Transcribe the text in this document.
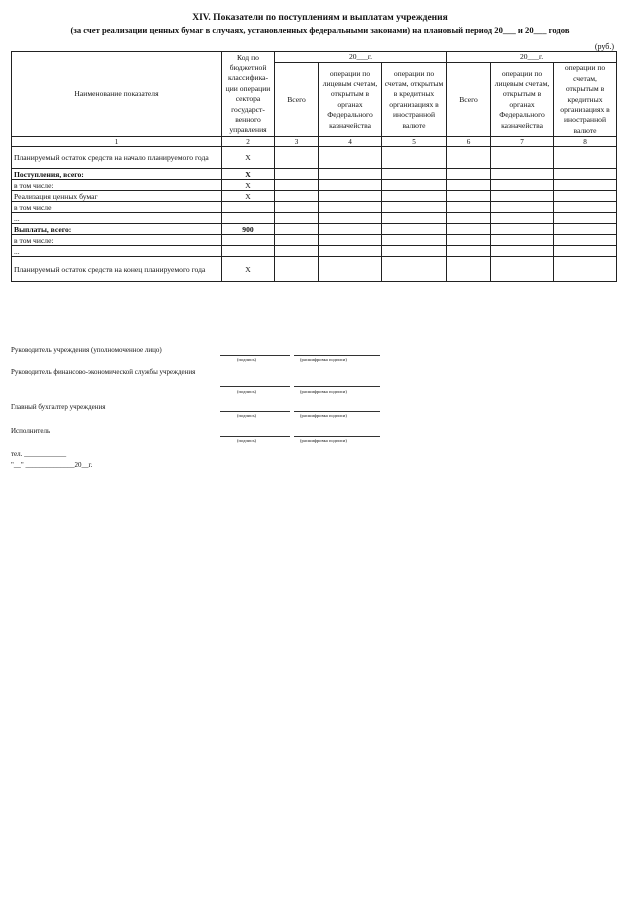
XIV. Показатели по поступлениям и выплатам учреждения
(за счет реализации ценных бумаг в случаях, установленных федеральными законами) на плановый период 20___ и 20___ годов
(руб.)
Наименование показателя	Код по бюджетной классифика-ции операции сектора государст-венного управления	20___г.			20___г.		
		Всего	операции по лицевым счетам, открытым в органах Федерального казначейства	операции по счетам, открытым в кредитных организациях в иностранной валюте	Всего	операции по лицевым счетам, открытым в органах Федерального казначейства	операции по счетам, открытым в кредитных организациях в иностранной валюте
1	2	3	4	5	6	7	8
Планируемый остаток средств на начало планируемого года	X						
Поступления, всего:	X						
в том числе:	X						
Реализация ценных бумаг	X						
в том числе							
...							
Выплаты, всего:	900						
в том числе:							
...							
Планируемый остаток средств на конец планируемого года	X						
Руководитель учреждения (уполномоченное лицо)
(подпись)	(расшифровка подписи)
Руководитель финансово-экономической службы учреждения
(подпись)	(расшифровка подписи)
Главный бухгалтер учреждения
(подпись)	(расшифровка подписи)
Исполнитель
(подпись)	(расшифровка подписи)
тел. ____________
"__" ______________20__г.
